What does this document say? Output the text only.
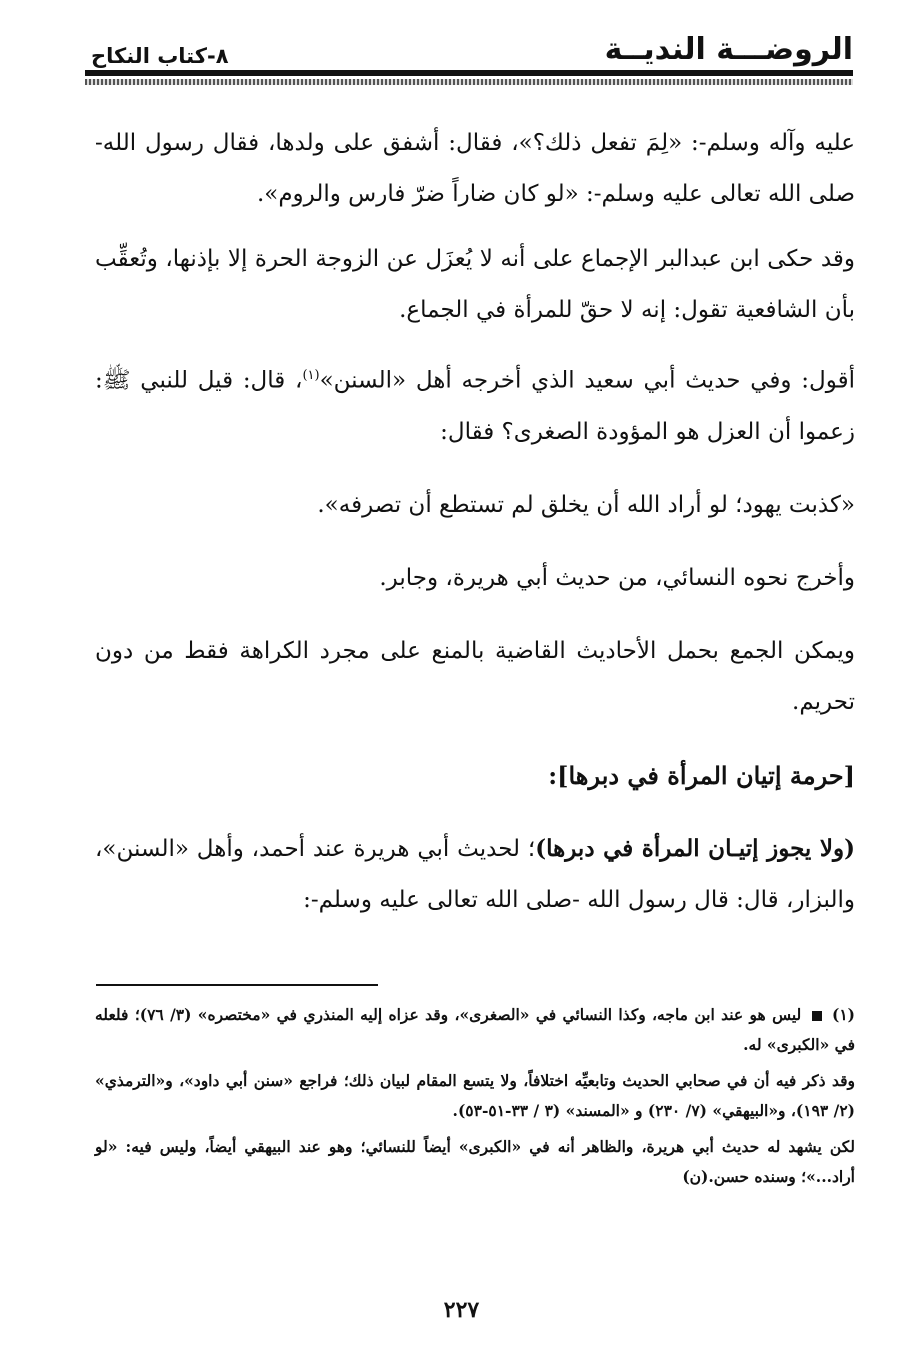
الروضـــة النديــة
٨-كتاب النكاح

عليه وآله وسلم-: «لِمَ تفعل ذلك؟»، فقال: أشفق على ولدها، فقال رسول الله- صلى الله تعالى عليه وسلم-: «لو كان ضاراً ضرّ فارس والروم».

وقد حكى ابن عبدالبر الإجماع على أنه لا يُعزَل عن الزوجة الحرة إلا بإذنها، وتُعقِّب بأن الشافعية تقول: إنه لا حقّ للمرأة في الجماع.

أقول: وفي حديث أبي سعيد الذي أخرجه أهل «السنن»$^{(١)}$، قال: قيل للنبي ﷺ: زعموا أن العزل هو المؤودة الصغرى؟ فقال:

«كذبت يهود؛ لو أراد الله أن يخلق لم تستطع أن تصرفه».

وأخرج نحوه النسائي، من حديث أبي هريرة، وجابر.

ويمكن الجمع بحمل الأحاديث القاضية بالمنع على مجرد الكراهة فقط من دون تحريم.

[حرمة إتيان المرأة في دبرها]:

(ولا يجوز إتيـان المرأة في دبرها)؛ لحديث أبي هريرة عند أحمد، وأهل «السنن»، والبزار، قال: قال رسول الله -صلى الله تعالى عليه وسلم-:

(١)  ليس هو عند ابن ماجه، وكذا النسائي في «الصغرى»، وقد عزاه إليه المنذري في «مختصره» (٣/ ٧٦)؛ فلعله في «الكبرى» له.

وقد ذكر فيه أن في صحابي الحديث وتابعيِّه اختلافاً، ولا يتسع المقام لبيان ذلك؛ فراجع «سنن أبي داود»، و«الترمذي» (٢/ ١٩٣)، و«البيهقي» (٧/ ٢٣٠) و «المسند» (٣ / ٣٣-٥١-٥٣).

لكن يشهد له حديث أبي هريرة، والظاهر أنه في «الكبرى» أيضاً للنسائي؛ وهو عند البيهقي أيضاً، وليس فيه: «لو أراد...»؛ وسنده حسن.(ن)

٢٢٧
